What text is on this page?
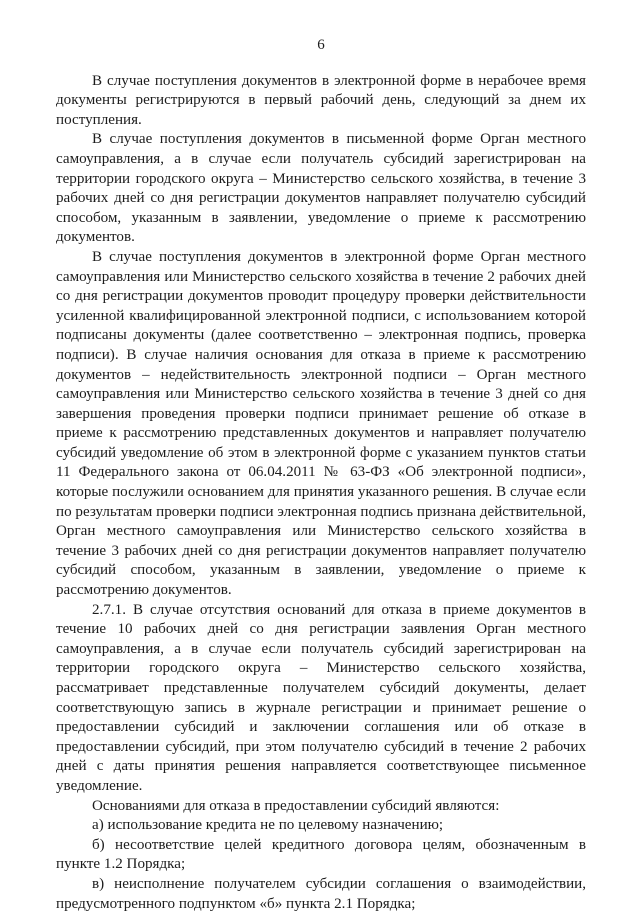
6

В случае поступления документов в электронной форме в нерабочее время документы регистрируются в первый рабочий день, следующий за днем их поступления.

В случае поступления документов в письменной форме Орган местного самоуправления, а в случае если получатель субсидий зарегистрирован на территории городского округа – Министерство сельского хозяйства, в течение 3 рабочих дней со дня регистрации документов направляет получателю субсидий способом, указанным в заявлении, уведомление о приеме к рассмотрению документов.

В случае поступления документов в электронной форме Орган местного самоуправления или Министерство сельского хозяйства в течение 2 рабочих дней со дня регистрации документов проводит процедуру проверки действительности усиленной квалифицированной электронной подписи, с использованием которой подписаны документы (далее соответственно – электронная подпись, проверка подписи). В случае наличия основания для отказа в приеме к рассмотрению документов – недействительность электронной подписи – Орган местного самоуправления или Министерство сельского хозяйства в течение 3 дней со дня завершения проведения проверки подписи принимает решение об отказе в приеме к рассмотрению представленных документов и направляет получателю субсидий уведомление об этом в электронной форме с указанием пунктов статьи 11 Федерального закона от 06.04.2011 № 63-ФЗ «Об электронной подписи», которые послужили основанием для принятия указанного решения. В случае если по результатам проверки подписи электронная подпись признана действительной, Орган местного самоуправления или Министерство сельского хозяйства в течение 3 рабочих дней со дня регистрации документов направляет получателю субсидий способом, указанным в заявлении, уведомление о приеме к рассмотрению документов.

2.7.1. В случае отсутствия оснований для отказа в приеме документов в течение 10 рабочих дней со дня регистрации заявления Орган местного самоуправления, а в случае если получатель субсидий зарегистрирован на территории городского округа – Министерство сельского хозяйства, рассматривает представленные получателем субсидий документы, делает соответствующую запись в журнале регистрации и принимает решение о предоставлении субсидий и заключении соглашения или об отказе в предоставлении субсидий, при этом получателю субсидий в течение 2 рабочих дней с даты принятия решения направляется соответствующее письменное уведомление.

Основаниями для отказа в предоставлении субсидий являются:

а) использование кредита не по целевому назначению;

б) несоответствие целей кредитного договора целям, обозначенным в пункте 1.2 Порядка;

в) неисполнение получателем субсидии соглашения о взаимодействии, предусмотренного подпунктом «б» пункта 2.1 Порядка;
